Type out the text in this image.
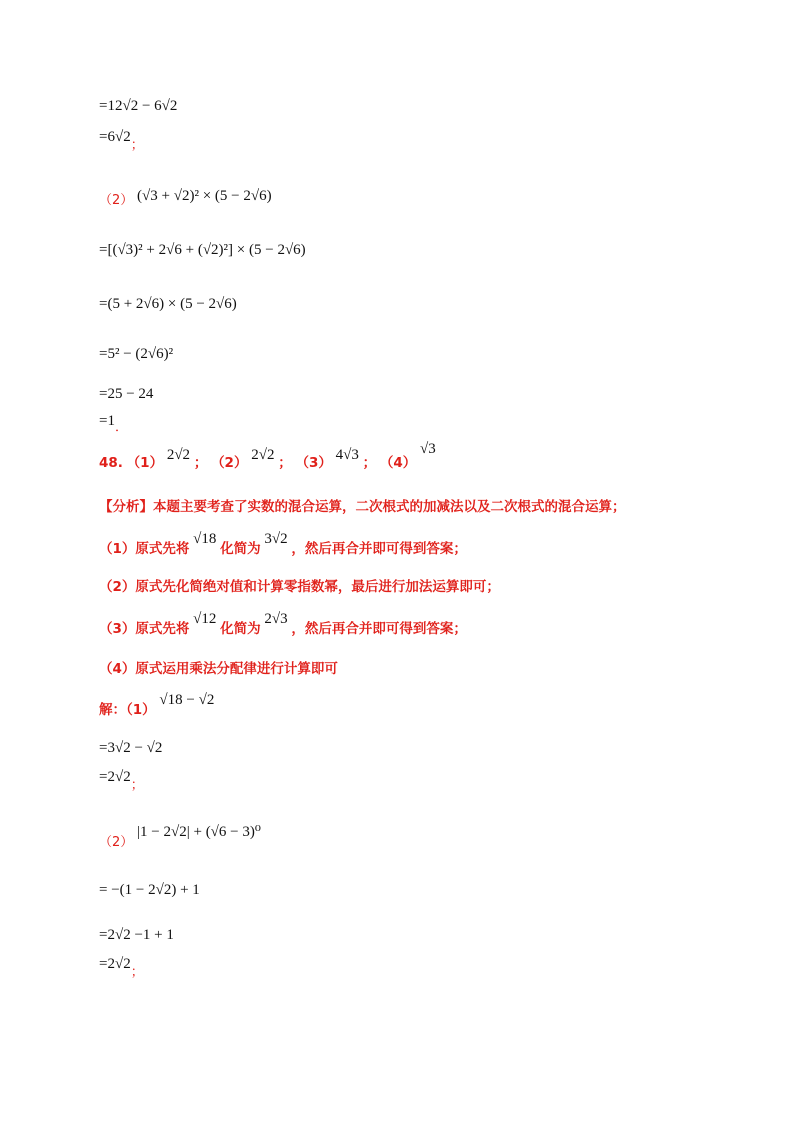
=12√2 − 6√2
=6√2；
（2） (√3 + √2)² × (5 − 2√6)
=[(√3)² + 2√6 + (√2)²] × (5 − 2√6)
=(5 + 2√6) × (5 − 2√6)
=5² − (2√6)²
=25 − 24
=1．
48. （1） 2√2 ； （2） 2√2 ； （3） 4√3 ； （4） √3
【分析】本题主要考查了实数的混合运算，二次根式的加减法以及二次根式的混合运算；
（1）原式先将 √18 化简为 3√2 ，然后再合并即可得到答案；
（2）原式先化简绝对值和计算零指数幂，最后进行加法运算即可；
（3）原式先将 √12 化简为 2√3 ，然后再合并即可得到答案；
（4）原式运用乘法分配律进行计算即可
解：（1） √18 − √2
=3√2 − √2
=2√2；
（2） |1 − 2√2| + (√6 − 3)⁰
= −(1 − 2√2) + 1
=2√2 −1 + 1
=2√2；
